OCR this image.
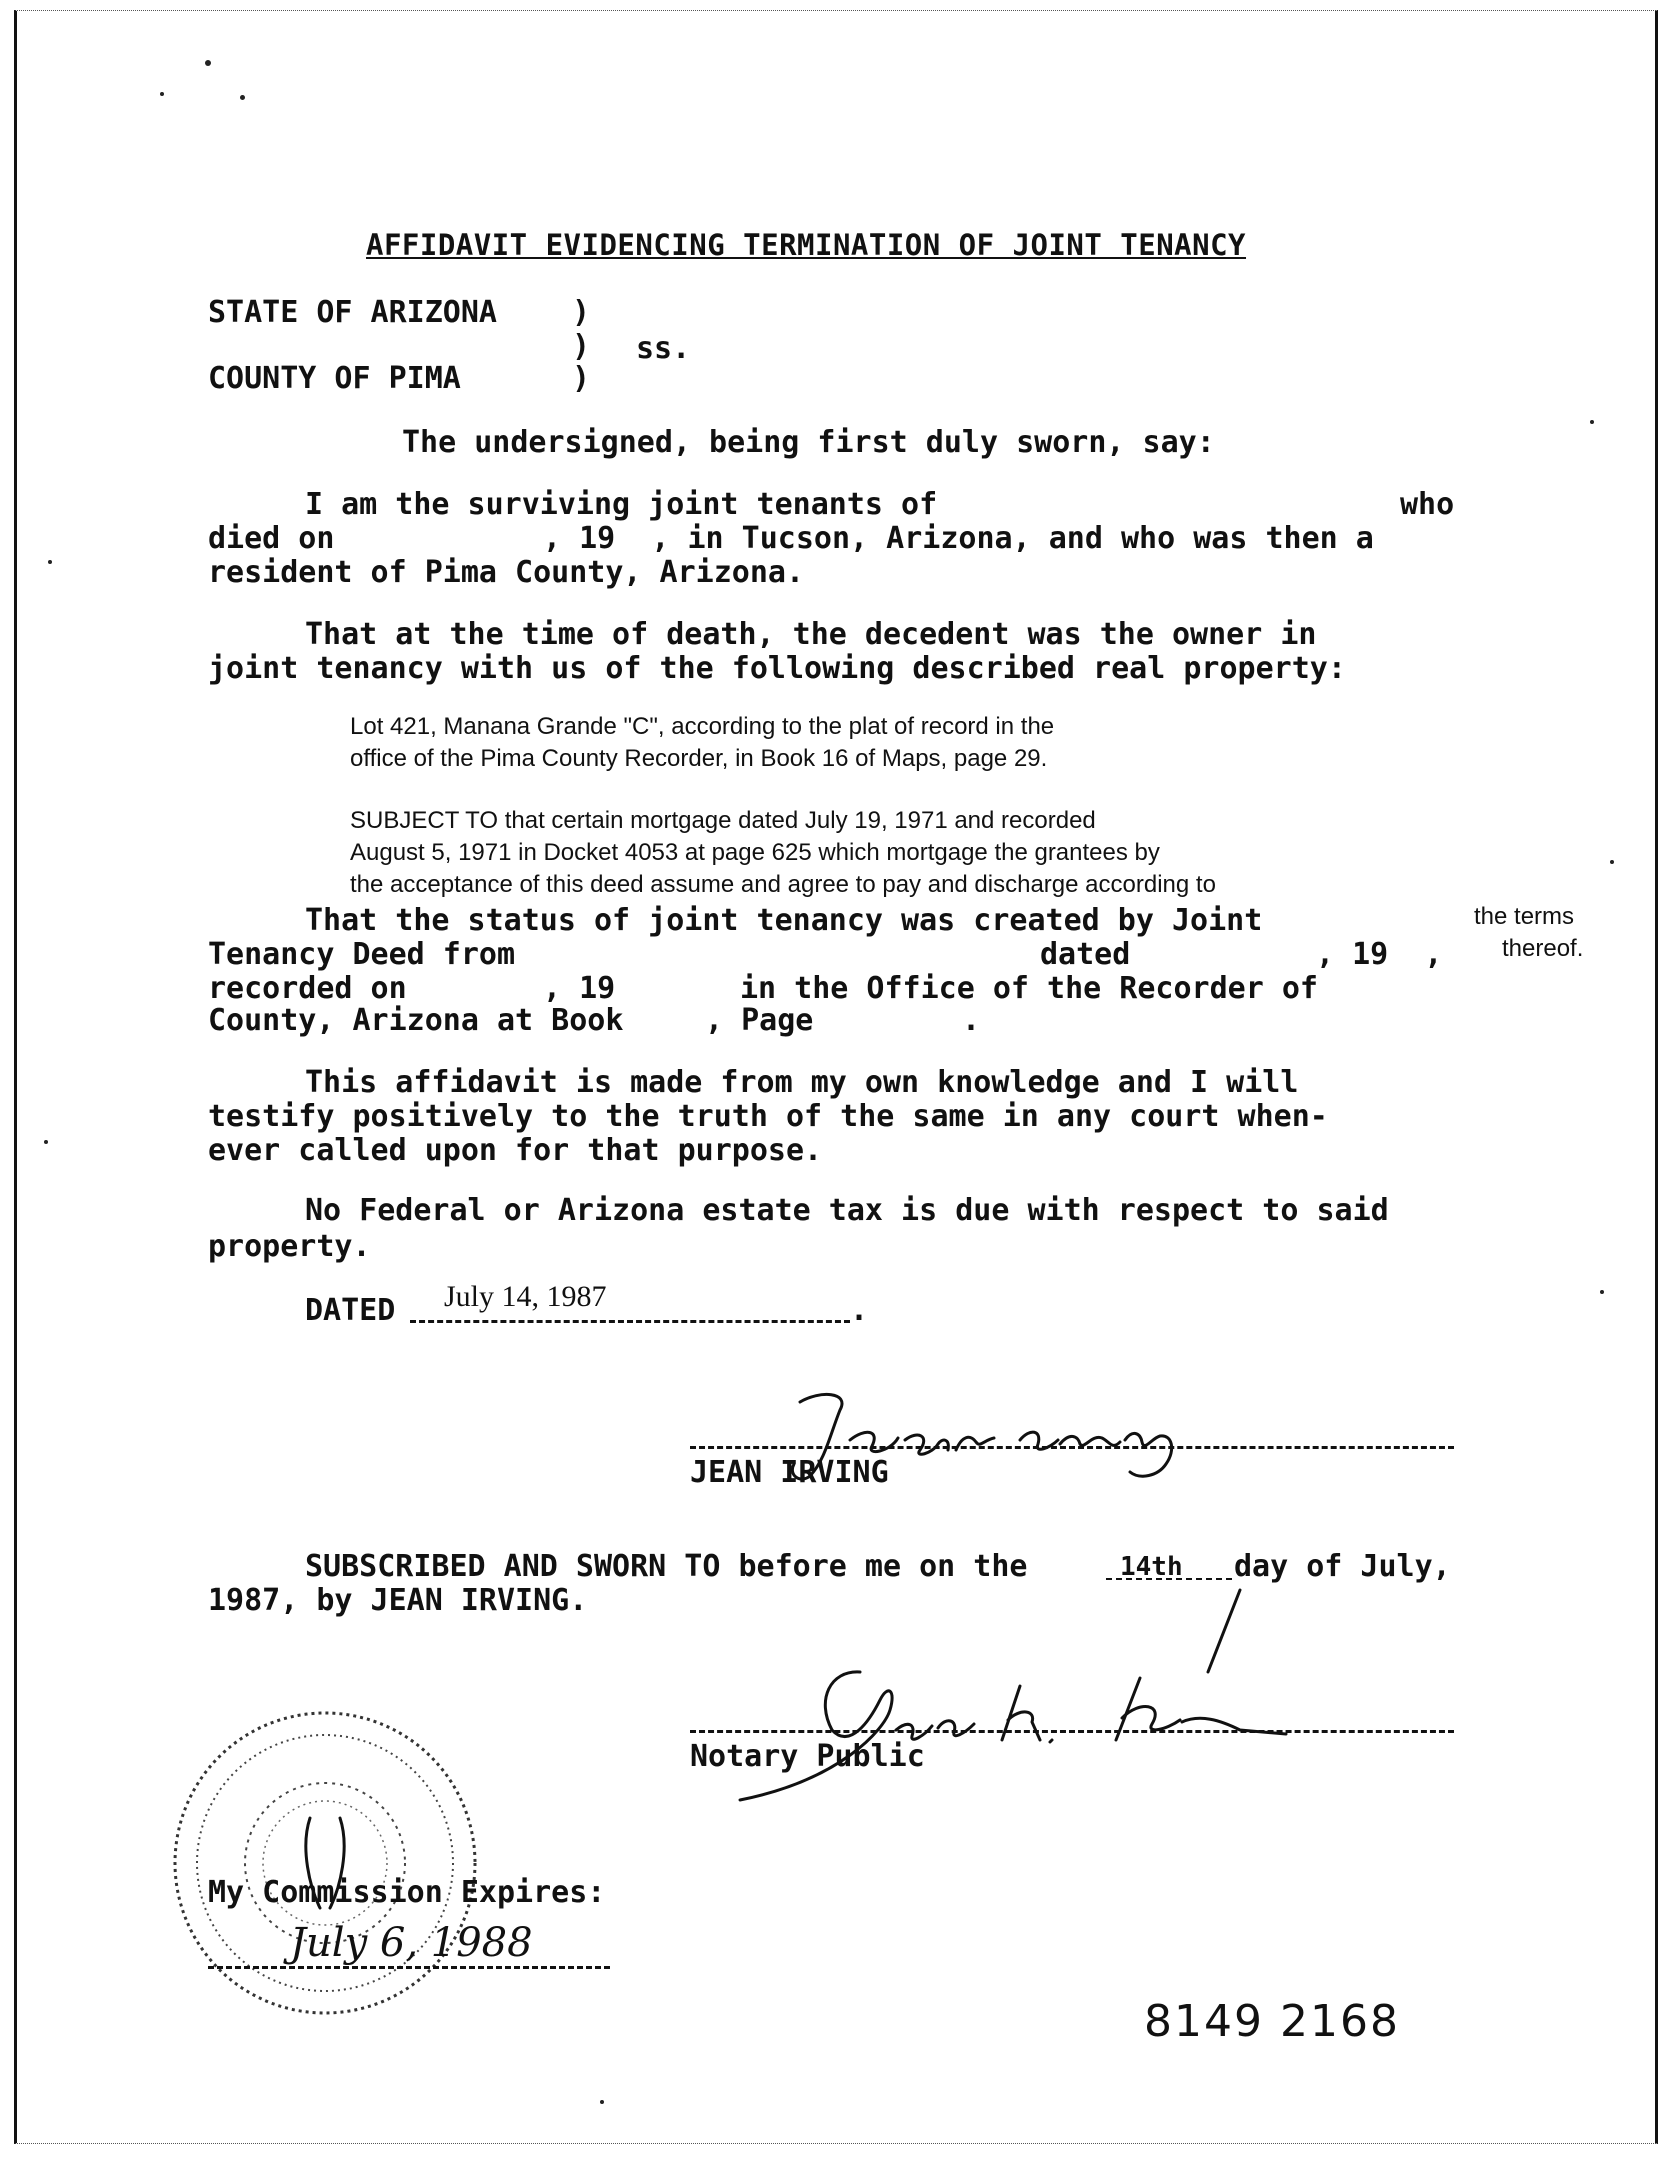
AFFIDAVIT EVIDENCING TERMINATION OF JOINT TENANCY
STATE OF ARIZONA	)
) ss.
COUNTY OF PIMA	)
The undersigned, being first duly sworn, say:
I am the surviving joint tenants of	who
died on	, 19  , in Tucson, Arizona, and who was then a
resident of Pima County, Arizona.
That at the time of death, the decedent was the owner in
joint tenancy with us of the following described real property:
Lot 421, Manana Grande "C", according to the plat of record in the
office of the Pima County Recorder, in Book 16 of Maps, page 29.
SUBJECT TO that certain mortgage dated July 19, 1971 and recorded
August 5, 1971 in Docket 4053 at page 625 which mortgage the grantees by
the acceptance of this deed assume and agree to pay and discharge according to
the terms
thereof.
That the status of joint tenancy was created by Joint
Tenancy Deed from	dated	, 19  ,
recorded on	, 19	in the Office of the Recorder of
County, Arizona at Book	, Page	.
This affidavit is made from my own knowledge and I will
testify positively to the truth of the same in any court when-
ever called upon for that purpose.
No Federal or Arizona estate tax is due with respect to said
property.
DATED July 14, 1987	.
JEAN IRVING
SUBSCRIBED AND SWORN TO before me on the	14th day of July,
1987, by JEAN IRVING.
Notary Public
My Commission Expires:
July 6, 1988
8149 2168
